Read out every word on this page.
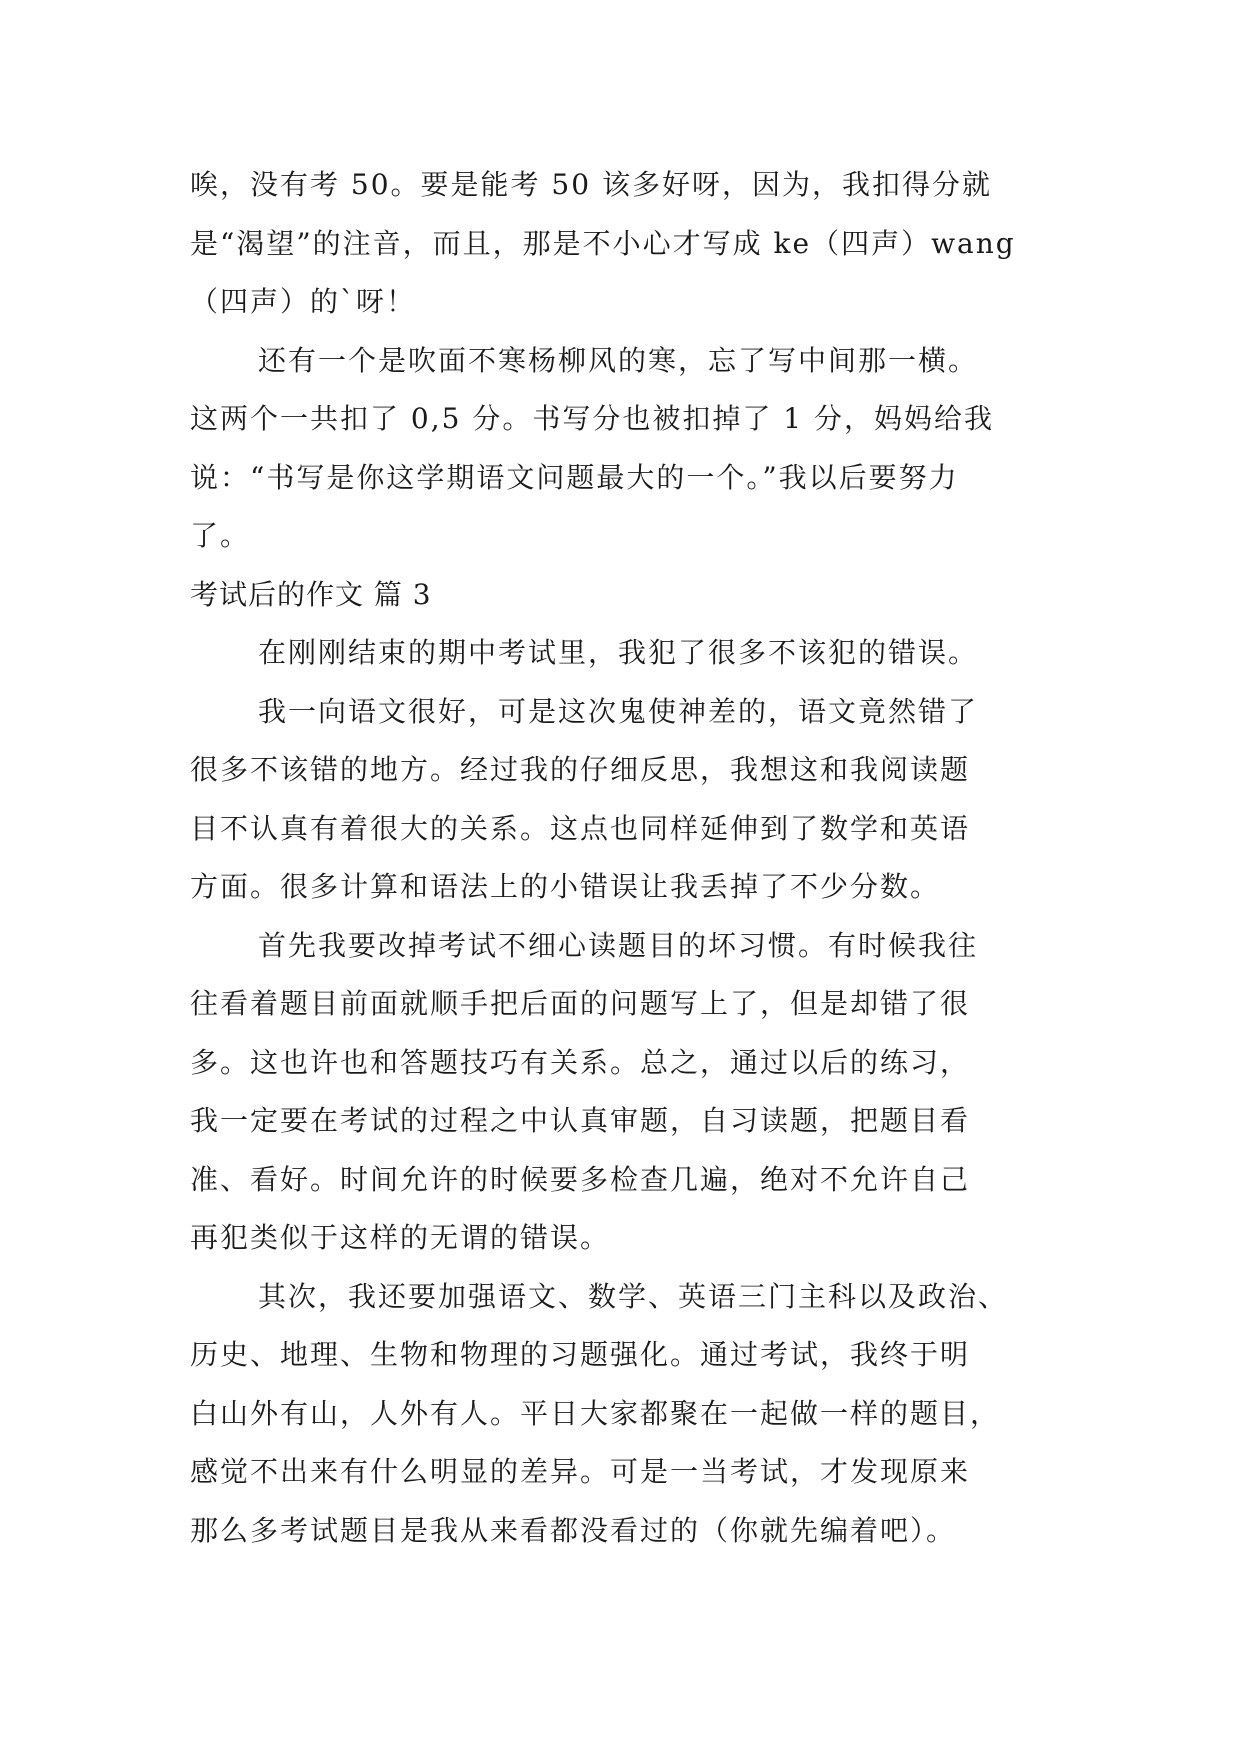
唉，没有考 50。要是能考 50 该多好呀，因为，我扣得分就
是“渴望”的注音，而且，那是不小心才写成 ke（四声）wang
（四声）的`呀！
还有一个是吹面不寒杨柳风的寒，忘了写中间那一横。
这两个一共扣了 0,5 分。书写分也被扣掉了 1 分，妈妈给我
说：“书写是你这学期语文问题最大的一个。”我以后要努力
了。
考试后的作文 篇 3
在刚刚结束的期中考试里，我犯了很多不该犯的错误。
我一向语文很好，可是这次鬼使神差的，语文竟然错了
很多不该错的地方。经过我的仔细反思，我想这和我阅读题
目不认真有着很大的关系。这点也同样延伸到了数学和英语
方面。很多计算和语法上的小错误让我丢掉了不少分数。
首先我要改掉考试不细心读题目的坏习惯。有时候我往
往看着题目前面就顺手把后面的问题写上了，但是却错了很
多。这也许也和答题技巧有关系。总之，通过以后的练习，
我一定要在考试的过程之中认真审题，自习读题，把题目看
准、看好。时间允许的时候要多检查几遍，绝对不允许自己
再犯类似于这样的无谓的错误。
其次，我还要加强语文、数学、英语三门主科以及政治、
历史、地理、生物和物理的习题强化。通过考试，我终于明
白山外有山，人外有人。平日大家都聚在一起做一样的题目，
感觉不出来有什么明显的差异。可是一当考试，才发现原来
那么多考试题目是我从来看都没看过的（你就先编着吧）。
